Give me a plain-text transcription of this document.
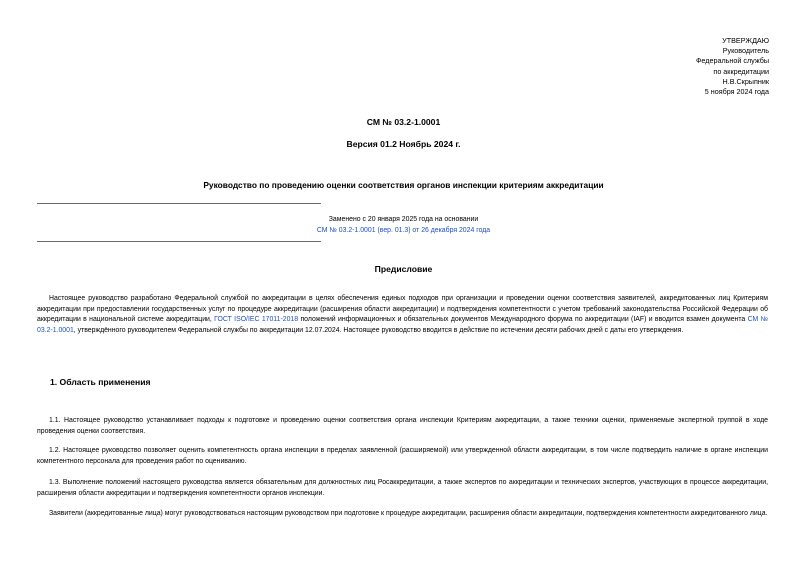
УТВЕРЖДАЮ
Руководитель
Федеральной службы
по аккредитации
Н.В.Скрыпник
5 ноября 2024 года
СМ № 03.2-1.0001
Версия 01.2 Ноябрь 2024 г.
Руководство по проведению оценки соответствия органов инспекции критериям аккредитации
Заменено с 20 января 2025 года на основании
СМ № 03.2-1.0001 (вер. 01.3) от 26 декабря 2024 года
Предисловие
Настоящее руководство разработано Федеральной службой по аккредитации в целях обеспечения единых подходов при организации и проведении оценки соответствия заявителей, аккредитованных лиц Критериям аккредитации при предоставлении государственных услуг по процедуре аккредитации (расширения области аккредитации) и подтверждения компетентности с учетом требований законодательства Российской Федерации об аккредитации в национальной системе аккредитации, ГОСТ ISO/IEC 17011-2018 положений информационных и обязательных документов Международного форума по аккредитации (IAF) и вводится взамен документа СМ № 03.2-1.0001, утверждённого руководителем Федеральной службы по аккредитации 12.07.2024. Настоящее руководство вводится в действие по истечении десяти рабочих дней с даты его утверждения.
1. Область применения
1.1. Настоящее руководство устанавливает подходы к подготовке и проведению оценки соответствия органа инспекции Критериям аккредитации, а также техники оценки, применяемые экспертной группой в ходе проведения оценки соответствия.
1.2. Настоящее руководство позволяет оценить компетентность органа инспекции в пределах заявленной (расширяемой) или утвержденной области аккредитации, в том числе подтвердить наличие в органе инспекции компетентного персонала для проведения работ по оцениванию.
1.3. Выполнение положений настоящего руководства является обязательным для должностных лиц Росаккредитации, а также экспертов по аккредитации и технических экспертов, участвующих в процессе аккредитации, расширения области аккредитации и подтверждения компетентности органов инспекции.
Заявители (аккредитованные лица) могут руководствоваться настоящим руководством при подготовке к процедуре аккредитации, расширения области аккредитации, подтверждения компетентности аккредитованного лица.
